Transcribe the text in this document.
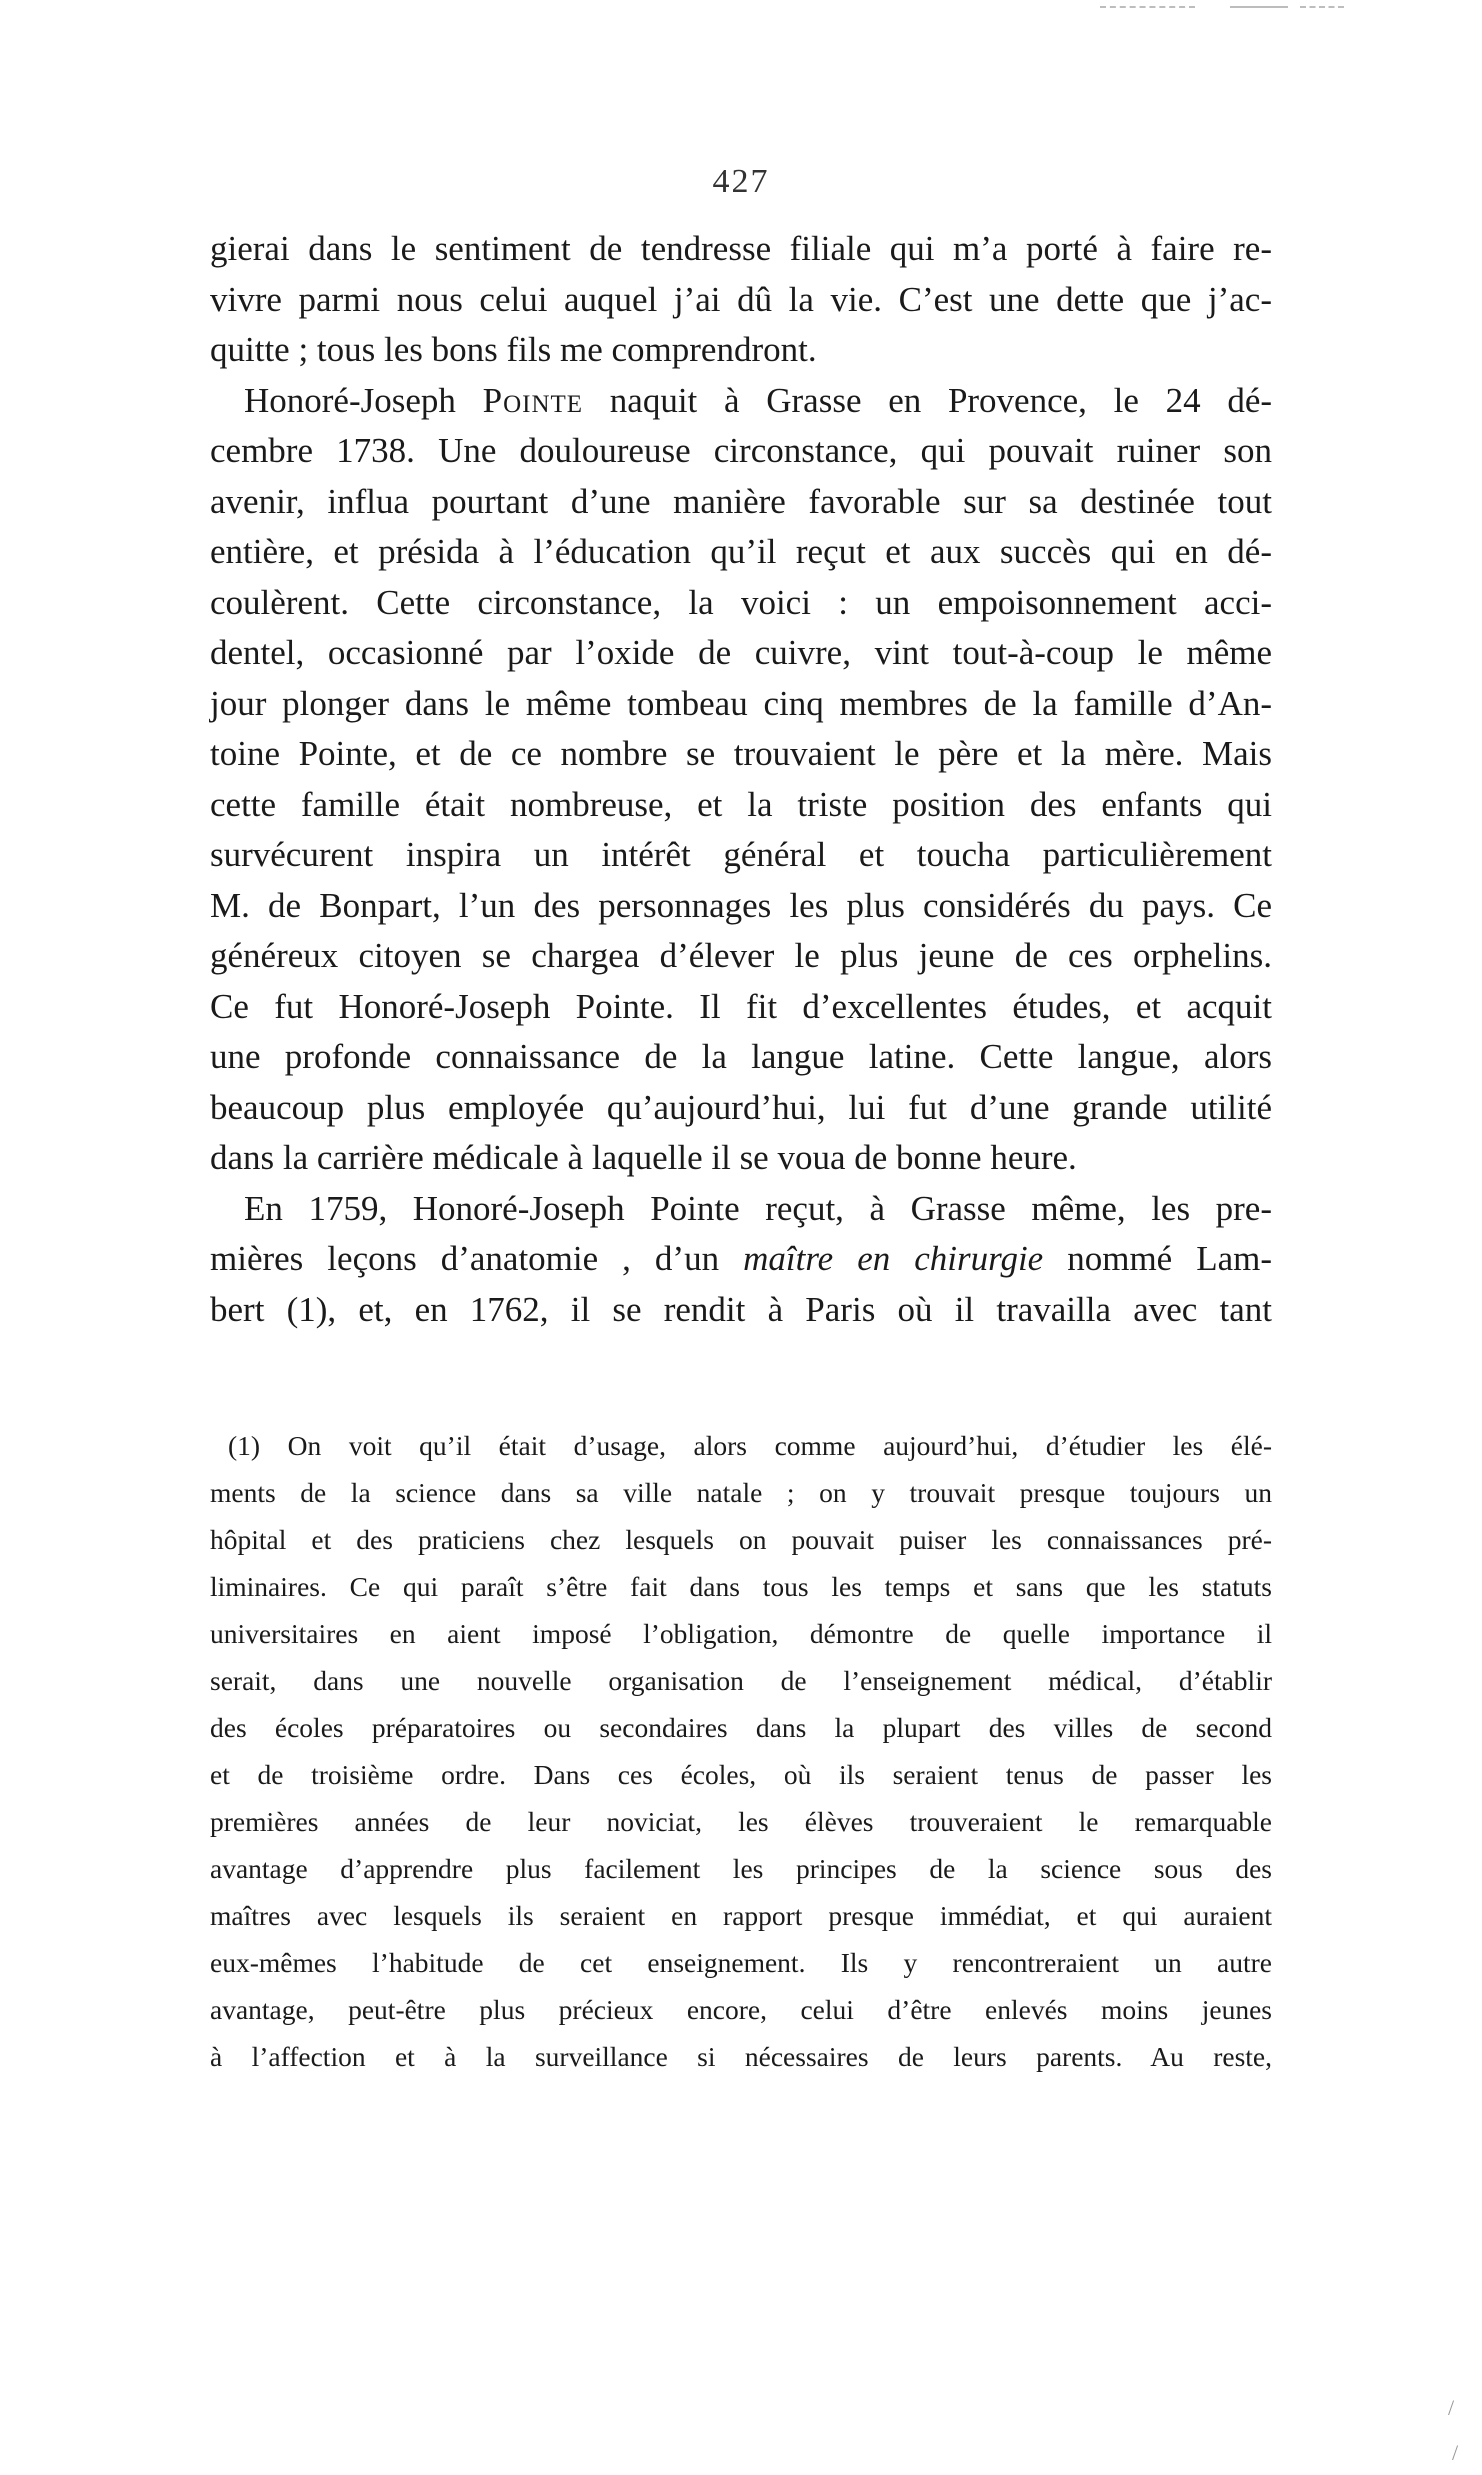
427
gierai dans le sentiment de tendresse filiale qui m’a porté à faire re-
vivre parmi nous celui auquel j’ai dû la vie. C’est une dette que j’ac-
quitte ; tous les bons fils me comprendront.
Honoré-Joseph Pointe naquit à Grasse en Provence, le 24 dé-
cembre 1738. Une douloureuse circonstance, qui pouvait ruiner son
avenir, influa pourtant d’une manière favorable sur sa destinée tout
entière, et présida à l’éducation qu’il reçut et aux succès qui en dé-
coulèrent. Cette circonstance, la voici : un empoisonnement acci-
dentel, occasionné par l’oxide de cuivre, vint tout-à-coup le même
jour plonger dans le même tombeau cinq membres de la famille d’An-
toine Pointe, et de ce nombre se trouvaient le père et la mère. Mais
cette famille était nombreuse, et la triste position des enfants qui
survécurent inspira un intérêt général et toucha particulièrement
M. de Bonpart, l’un des personnages les plus considérés du pays. Ce
généreux citoyen se chargea d’élever le plus jeune de ces orphelins.
Ce fut Honoré-Joseph Pointe. Il fit d’excellentes études, et acquit
une profonde connaissance de la langue latine. Cette langue, alors
beaucoup plus employée qu’aujourd’hui, lui fut d’une grande utilité
dans la carrière médicale à laquelle il se voua de bonne heure.
En 1759, Honoré-Joseph Pointe reçut, à Grasse même, les pre-
mières leçons d’anatomie , d’un maître en chirurgie nommé Lam-
bert (1), et, en 1762, il se rendit à Paris où il travailla avec tant
(1) On voit qu’il était d’usage, alors comme aujourd’hui, d’étudier les élé-
ments de la science dans sa ville natale ; on y trouvait presque toujours un
hôpital et des praticiens chez lesquels on pouvait puiser les connaissances pré-
liminaires. Ce qui paraît s’être fait dans tous les temps et sans que les statuts
universitaires en aient imposé l’obligation, démontre de quelle importance il
serait, dans une nouvelle organisation de l’enseignement médical, d’établir
des écoles préparatoires ou secondaires dans la plupart des villes de second
et de troisième ordre. Dans ces écoles, où ils seraient tenus de passer les
premières années de leur noviciat, les élèves trouveraient le remarquable
avantage d’apprendre plus facilement les principes de la science sous des
maîtres avec lesquels ils seraient en rapport presque immédiat, et qui auraient
eux-mêmes l’habitude de cet enseignement. Ils y rencontreraient un autre
avantage, peut-être plus précieux encore, celui d’être enlevés moins jeunes
à l’affection et à la surveillance si nécessaires de leurs parents. Au reste,
/
/
